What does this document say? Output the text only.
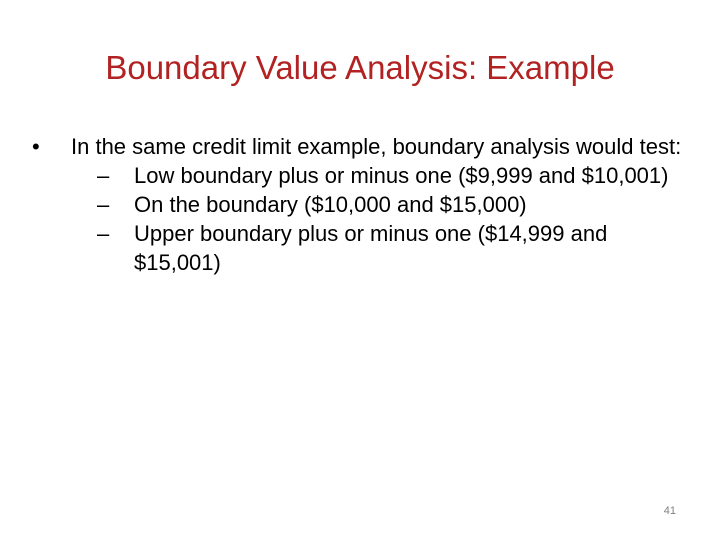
Boundary Value Analysis: Example
•	In the same credit limit example, boundary analysis would test:
– Low boundary plus or minus one ($9,999 and $10,001)
– On the boundary ($10,000 and $15,000)
– Upper boundary plus or minus one ($14,999 and $15,001)
41
